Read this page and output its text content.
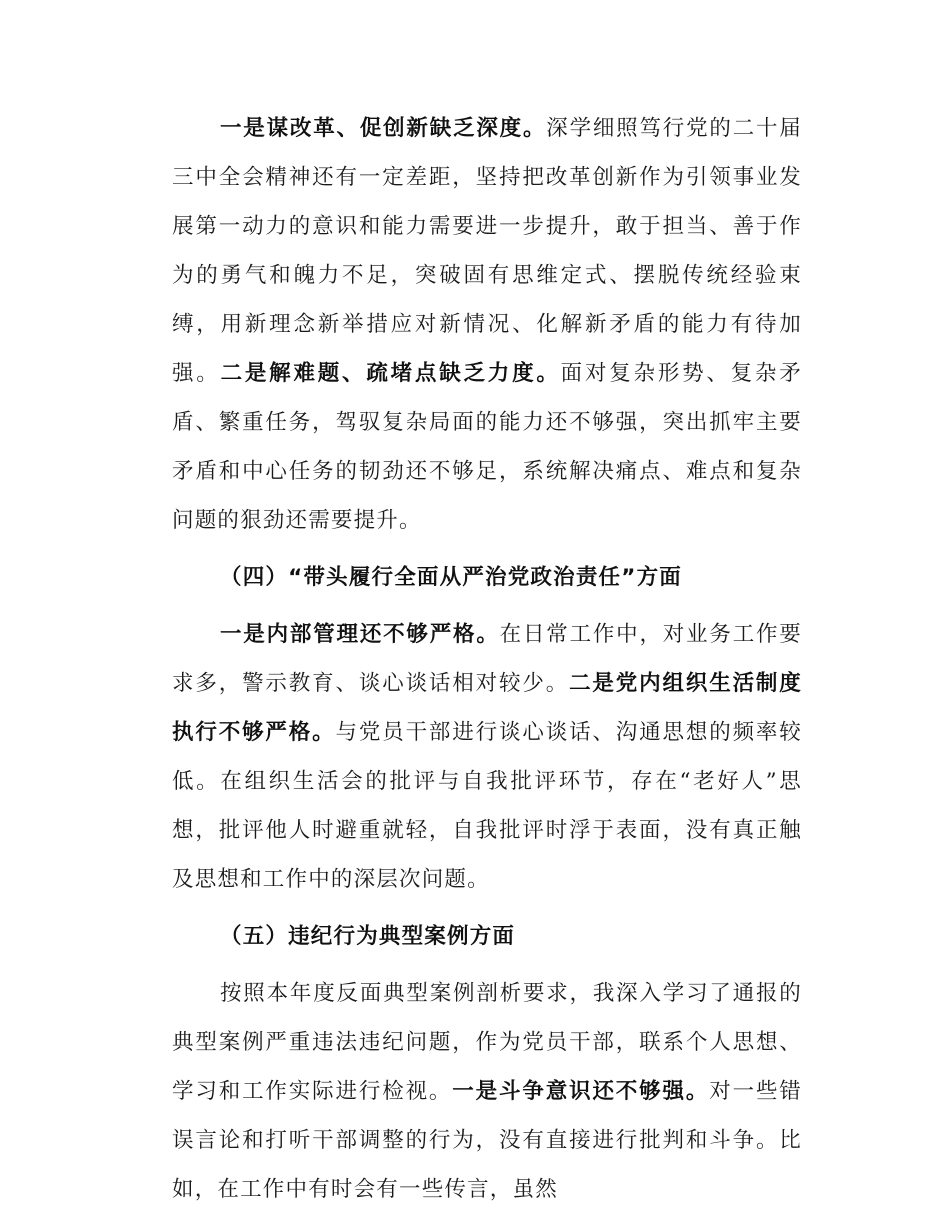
一是谋改革、促创新缺乏深度。深学细照笃行党的二十届三中全会精神还有一定差距，坚持把改革创新作为引领事业发展第一动力的意识和能力需要进一步提升，敢于担当、善于作为的勇气和魄力不足，突破固有思维定式、摆脱传统经验束缚，用新理念新举措应对新情况、化解新矛盾的能力有待加强。二是解难题、疏堵点缺乏力度。面对复杂形势、复杂矛盾、繁重任务，驾驭复杂局面的能力还不够强，突出抓牢主要矛盾和中心任务的韧劲还不够足，系统解决痛点、难点和复杂问题的狠劲还需要提升。

（四）“带头履行全面从严治党政治责任”方面

一是内部管理还不够严格。在日常工作中，对业务工作要求多，警示教育、谈心谈话相对较少。二是党内组织生活制度执行不够严格。与党员干部进行谈心谈话、沟通思想的频率较低。在组织生活会的批评与自我批评环节，存在“老好人”思想，批评他人时避重就轻，自我批评时浮于表面，没有真正触及思想和工作中的深层次问题。

（五）违纪行为典型案例方面

按照本年度反面典型案例剖析要求，我深入学习了通报的典型案例严重违法违纪问题，作为党员干部，联系个人思想、学习和工作实际进行检视。一是斗争意识还不够强。对一些错误言论和打听干部调整的行为，没有直接进行批判和斗争。比如，在工作中有时会有一些传言，虽然
